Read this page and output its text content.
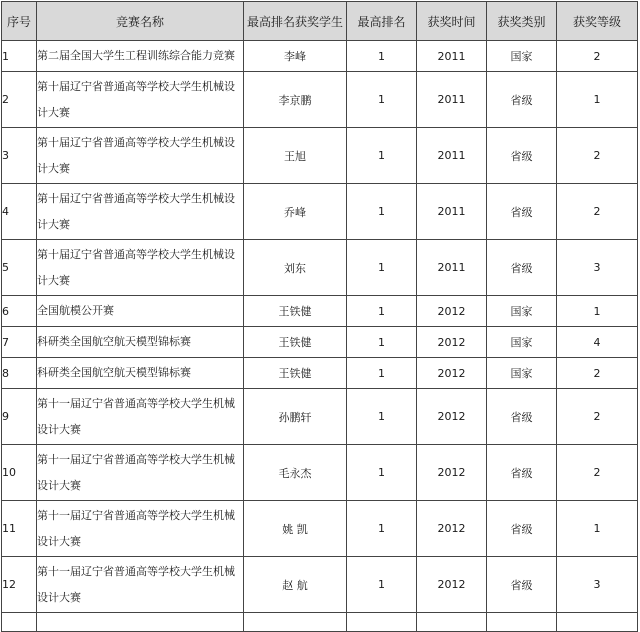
序号	竞赛名称	最高排名获奖学生	最高排名	获奖时间	获奖类别	获奖等级
1	第二届全国大学生工程训练综合能力竞赛	李峰	1	2011	国家	2
2	第十届辽宁省普通高等学校大学生机械设计大赛	李京鹏	1	2011	省级	1
3	第十届辽宁省普通高等学校大学生机械设计大赛	王旭	1	2011	省级	2
4	第十届辽宁省普通高等学校大学生机械设计大赛	乔峰	1	2011	省级	2
5	第十届辽宁省普通高等学校大学生机械设计大赛	刘东	1	2011	省级	3
6	全国航模公开赛	王铁健	1	2012	国家	1
7	科研类全国航空航天模型锦标赛	王铁健	1	2012	国家	4
8	科研类全国航空航天模型锦标赛	王铁健	1	2012	国家	2
9	第十一届辽宁省普通高等学校大学生机械设计大赛	孙鹏轩	1	2012	省级	2
10	第十一届辽宁省普通高等学校大学生机械设计大赛	毛永杰	1	2012	省级	2
11	第十一届辽宁省普通高等学校大学生机械设计大赛	姚 凯	1	2012	省级	1
12	第十一届辽宁省普通高等学校大学生机械设计大赛	赵 航	1	2012	省级	3
